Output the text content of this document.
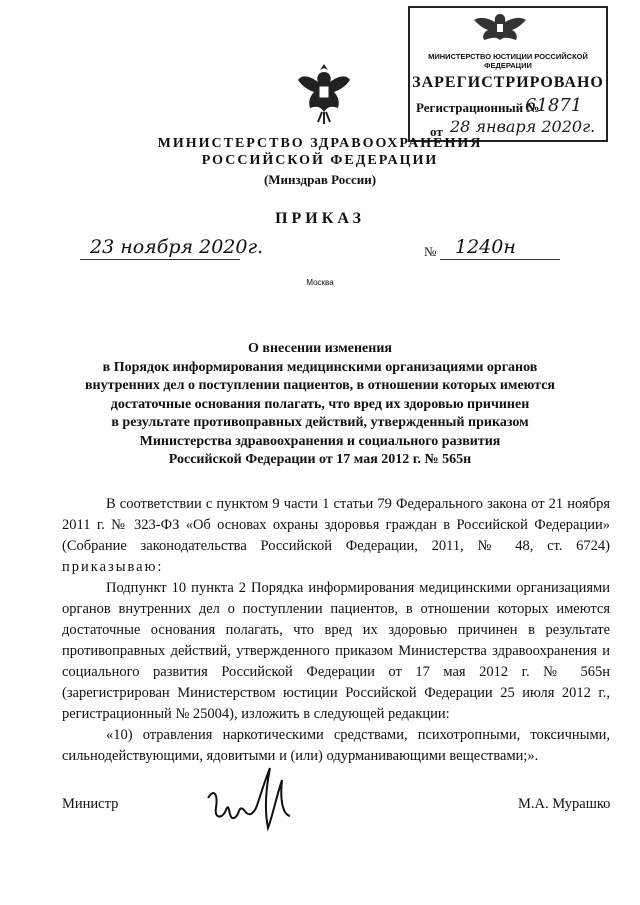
МИНИСТЕРСТВО ЮСТИЦИИ РОССИЙСКОЙ ФЕДЕРАЦИИ
ЗАРЕГИСТРИРОВАНО
Регистрационный №
61871
от 28 января 2020г.
МИНИСТЕРСТВО ЗДРАВООХРАНЕНИЯ
РОССИЙСКОЙ ФЕДЕРАЦИИ
(Минздрав России)
ПРИКАЗ
23 ноября 2020г.	№ 1240н
Москва
О внесении изменения
в Порядок информирования медицинскими организациями органов
внутренних дел о поступлении пациентов, в отношении которых имеются
достаточные основания полагать, что вред их здоровью причинен
в результате противоправных действий, утвержденный приказом
Министерства здравоохранения и социального развития
Российской Федерации от 17 мая 2012 г. № 565н

В соответствии с пунктом 9 части 1 статьи 79 Федерального закона от 21 ноября 2011 г. № 323-ФЗ «Об основах охраны здоровья граждан в Российской Федерации» (Собрание законодательства Российской Федерации, 2011, № 48, ст. 6724) приказываю:

Подпункт 10 пункта 2 Порядка информирования медицинскими организациями органов внутренних дел о поступлении пациентов, в отношении которых имеются достаточные основания полагать, что вред их здоровью причинен в результате противоправных действий, утвержденного приказом Министерства здравоохранения и социального развития Российской Федерации от 17 мая 2012 г. № 565н (зарегистрирован Министерством юстиции Российской Федерации 25 июля 2012 г., регистрационный № 25004), изложить в следующей редакции:

«10) отравления наркотическими средствами, психотропными, токсичными, сильнодействующими, ядовитыми и (или) одурманивающими веществами;».

Министр	М.А. Мурашко
